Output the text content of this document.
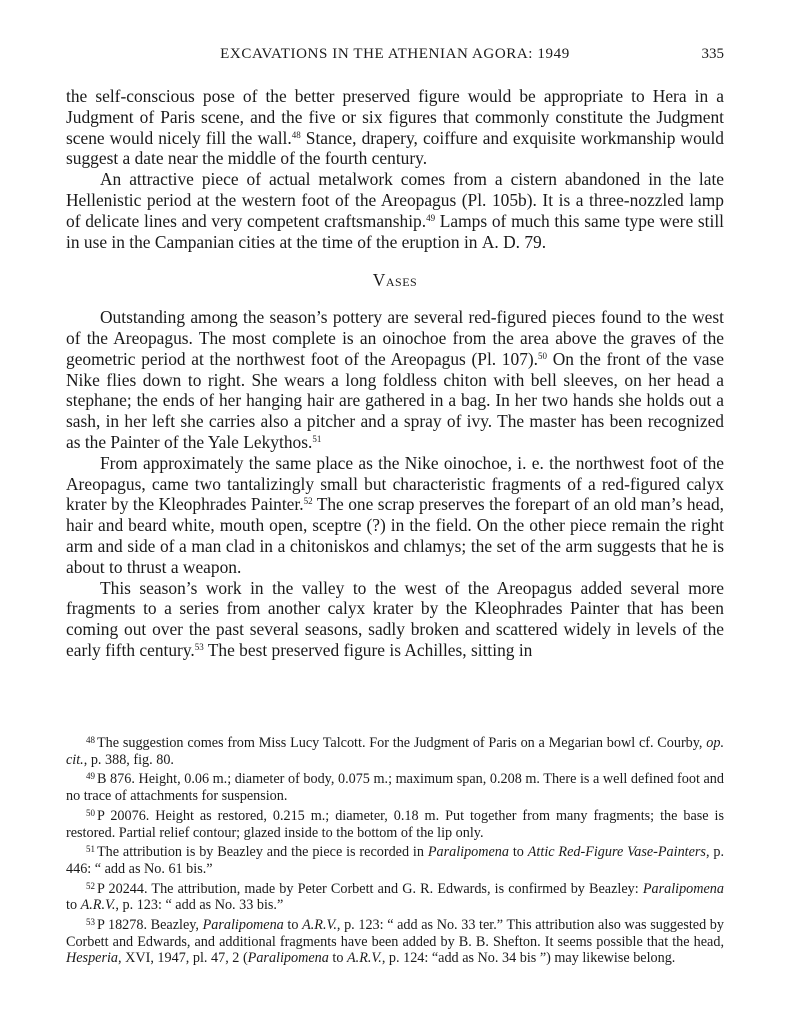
EXCAVATIONS IN THE ATHENIAN AGORA: 1949	335

the self-conscious pose of the better preserved figure would be appropriate to Hera in a Judgment of Paris scene, and the five or six figures that commonly constitute the Judgment scene would nicely fill the wall.$^{48}$ Stance, drapery, coiffure and exquisite workmanship would suggest a date near the middle of the fourth century.

An attractive piece of actual metalwork comes from a cistern abandoned in the late Hellenistic period at the western foot of the Areopagus (Pl. 105b). It is a three-nozzled lamp of delicate lines and very competent craftsmanship.$^{49}$ Lamps of much this same type were still in use in the Campanian cities at the time of the eruption in A. D. 79.

Vases

Outstanding among the season’s pottery are several red-figured pieces found to the west of the Areopagus. The most complete is an oinochoe from the area above the graves of the geometric period at the northwest foot of the Areopagus (Pl. 107).$^{50}$ On the front of the vase Nike flies down to right. She wears a long foldless chiton with bell sleeves, on her head a stephane; the ends of her hanging hair are gathered in a bag. In her two hands she holds out a sash, in her left she carries also a pitcher and a spray of ivy. The master has been recognized as the Painter of the Yale Lekythos.$^{51}$

From approximately the same place as the Nike oinochoe, i. e. the northwest foot of the Areopagus, came two tantalizingly small but characteristic fragments of a red-figured calyx krater by the Kleophrades Painter.$^{52}$ The one scrap preserves the forepart of an old man’s head, hair and beard white, mouth open, sceptre (?) in the field. On the other piece remain the right arm and side of a man clad in a chitoniskos and chlamys; the set of the arm suggests that he is about to thrust a weapon.

This season’s work in the valley to the west of the Areopagus added several more fragments to a series from another calyx krater by the Kleophrades Painter that has been coming out over the past several seasons, sadly broken and scattered widely in levels of the early fifth century.$^{53}$ The best preserved figure is Achilles, sitting in

$^{48}$ The suggestion comes from Miss Lucy Talcott. For the Judgment of Paris on a Megarian bowl cf. Courby, op. cit., p. 388, fig. 80.

$^{49}$ B 876. Height, 0.06 m.; diameter of body, 0.075 m.; maximum span, 0.208 m. There is a well defined foot and no trace of attachments for suspension.

$^{50}$ P 20076. Height as restored, 0.215 m.; diameter, 0.18 m. Put together from many fragments; the base is restored. Partial relief contour; glazed inside to the bottom of the lip only.

$^{51}$ The attribution is by Beazley and the piece is recorded in Paralipomena to Attic Red-Figure Vase-Painters, p. 446: “ add as No. 61 bis.”

$^{52}$ P 20244. The attribution, made by Peter Corbett and G. R. Edwards, is confirmed by Beazley: Paralipomena to A.R.V., p. 123: “ add as No. 33 bis.”

$^{53}$ P 18278. Beazley, Paralipomena to A.R.V., p. 123: “ add as No. 33 ter.” This attribution also was suggested by Corbett and Edwards, and additional fragments have been added by B. B. Shefton. It seems possible that the head, Hesperia, XVI, 1947, pl. 47, 2 (Paralipomena to A.R.V., p. 124: “add as No. 34 bis ”) may likewise belong.
